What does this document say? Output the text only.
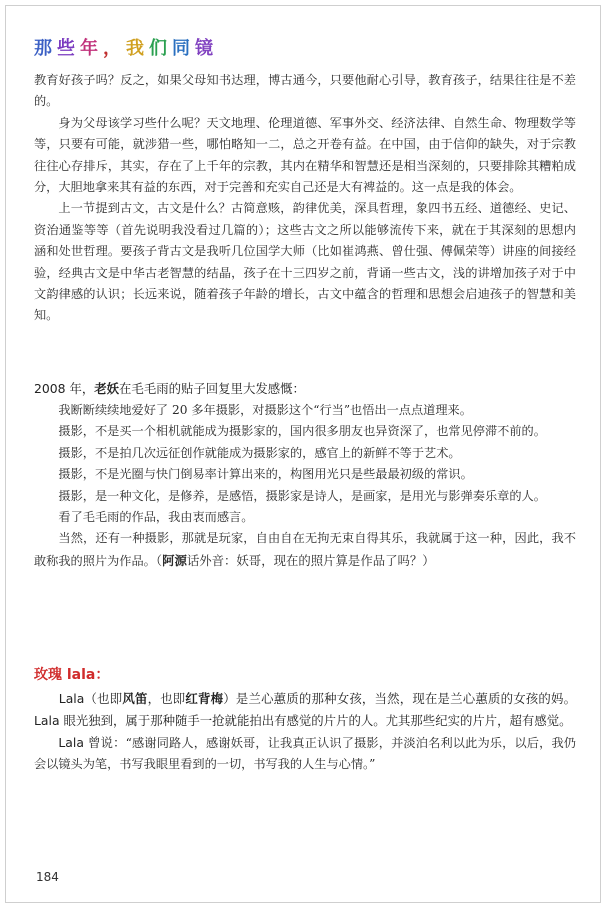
那些年，我们同镜

教育好孩子吗？反之，如果父母知书达理，博古通今，只要他耐心引导，教育孩子，结果往往是不差的。

身为父母该学习些什么呢？天文地理、伦理道德、军事外交、经济法律、自然生命、物理数学等等，只要有可能，就涉猎一些，哪怕略知一二，总之开卷有益。在中国，由于信仰的缺失，对于宗教往往心存排斥，其实，存在了上千年的宗教，其内在精华和智慧还是相当深刻的，只要排除其糟粕成分，大胆地拿来其有益的东西，对于完善和充实自己还是大有裨益的。这一点是我的体会。

上一节提到古文，古文是什么？古简意赅，韵律优美，深具哲理，象四书五经、道德经、史记、资治通鉴等等（首先说明我没看过几篇的）；这些古文之所以能够流传下来，就在于其深刻的思想内涵和处世哲理。要孩子背古文是我听几位国学大师（比如崔鸿燕、曾仕强、傅佩荣等）讲座的间接经验，经典古文是中华古老智慧的结晶，孩子在十三四岁之前，背诵一些古文，浅的讲增加孩子对于中文韵律感的认识；长远来说，随着孩子年龄的增长，古文中蕴含的哲理和思想会启迪孩子的智慧和美知。

2008 年，老妖在毛毛雨的贴子回复里大发感慨：

我断断续续地爱好了 20 多年摄影，对摄影这个“行当”也悟出一点点道理来。

摄影，不是买一个相机就能成为摄影家的，国内很多朋友也异资深了，也常见停滞不前的。

摄影，不是拍几次远征创作就能成为摄影家的，感官上的新鲜不等于艺术。

摄影，不是光圈与快门倒易率计算出来的，构图用光只是些最最初级的常识。

摄影，是一种文化，是修养，是感悟，摄影家是诗人，是画家，是用光与影弹奏乐章的人。

看了毛毛雨的作品，我由衷而感言。

当然，还有一种摄影，那就是玩家，自由自在无拘无束自得其乐，我就属于这一种，因此，我不敢称我的照片为作品。（阿源话外音：妖哥，现在的照片算是作品了吗？）

玫瑰 lala：

Lala（也即风笛，也即红背梅）是兰心蕙质的那种女孩，当然，现在是兰心蕙质的女孩的妈。Lala 眼光独到，属于那种随手一抢就能拍出有感觉的片片的人。尤其那些纪实的片片，超有感觉。

Lala 曾说：“感谢同路人，感谢妖哥，让我真正认识了摄影，并淡泊名利以此为乐，以后，我仍会以镜头为笔，书写我眼里看到的一切，书写我的人生与心情。”

184
